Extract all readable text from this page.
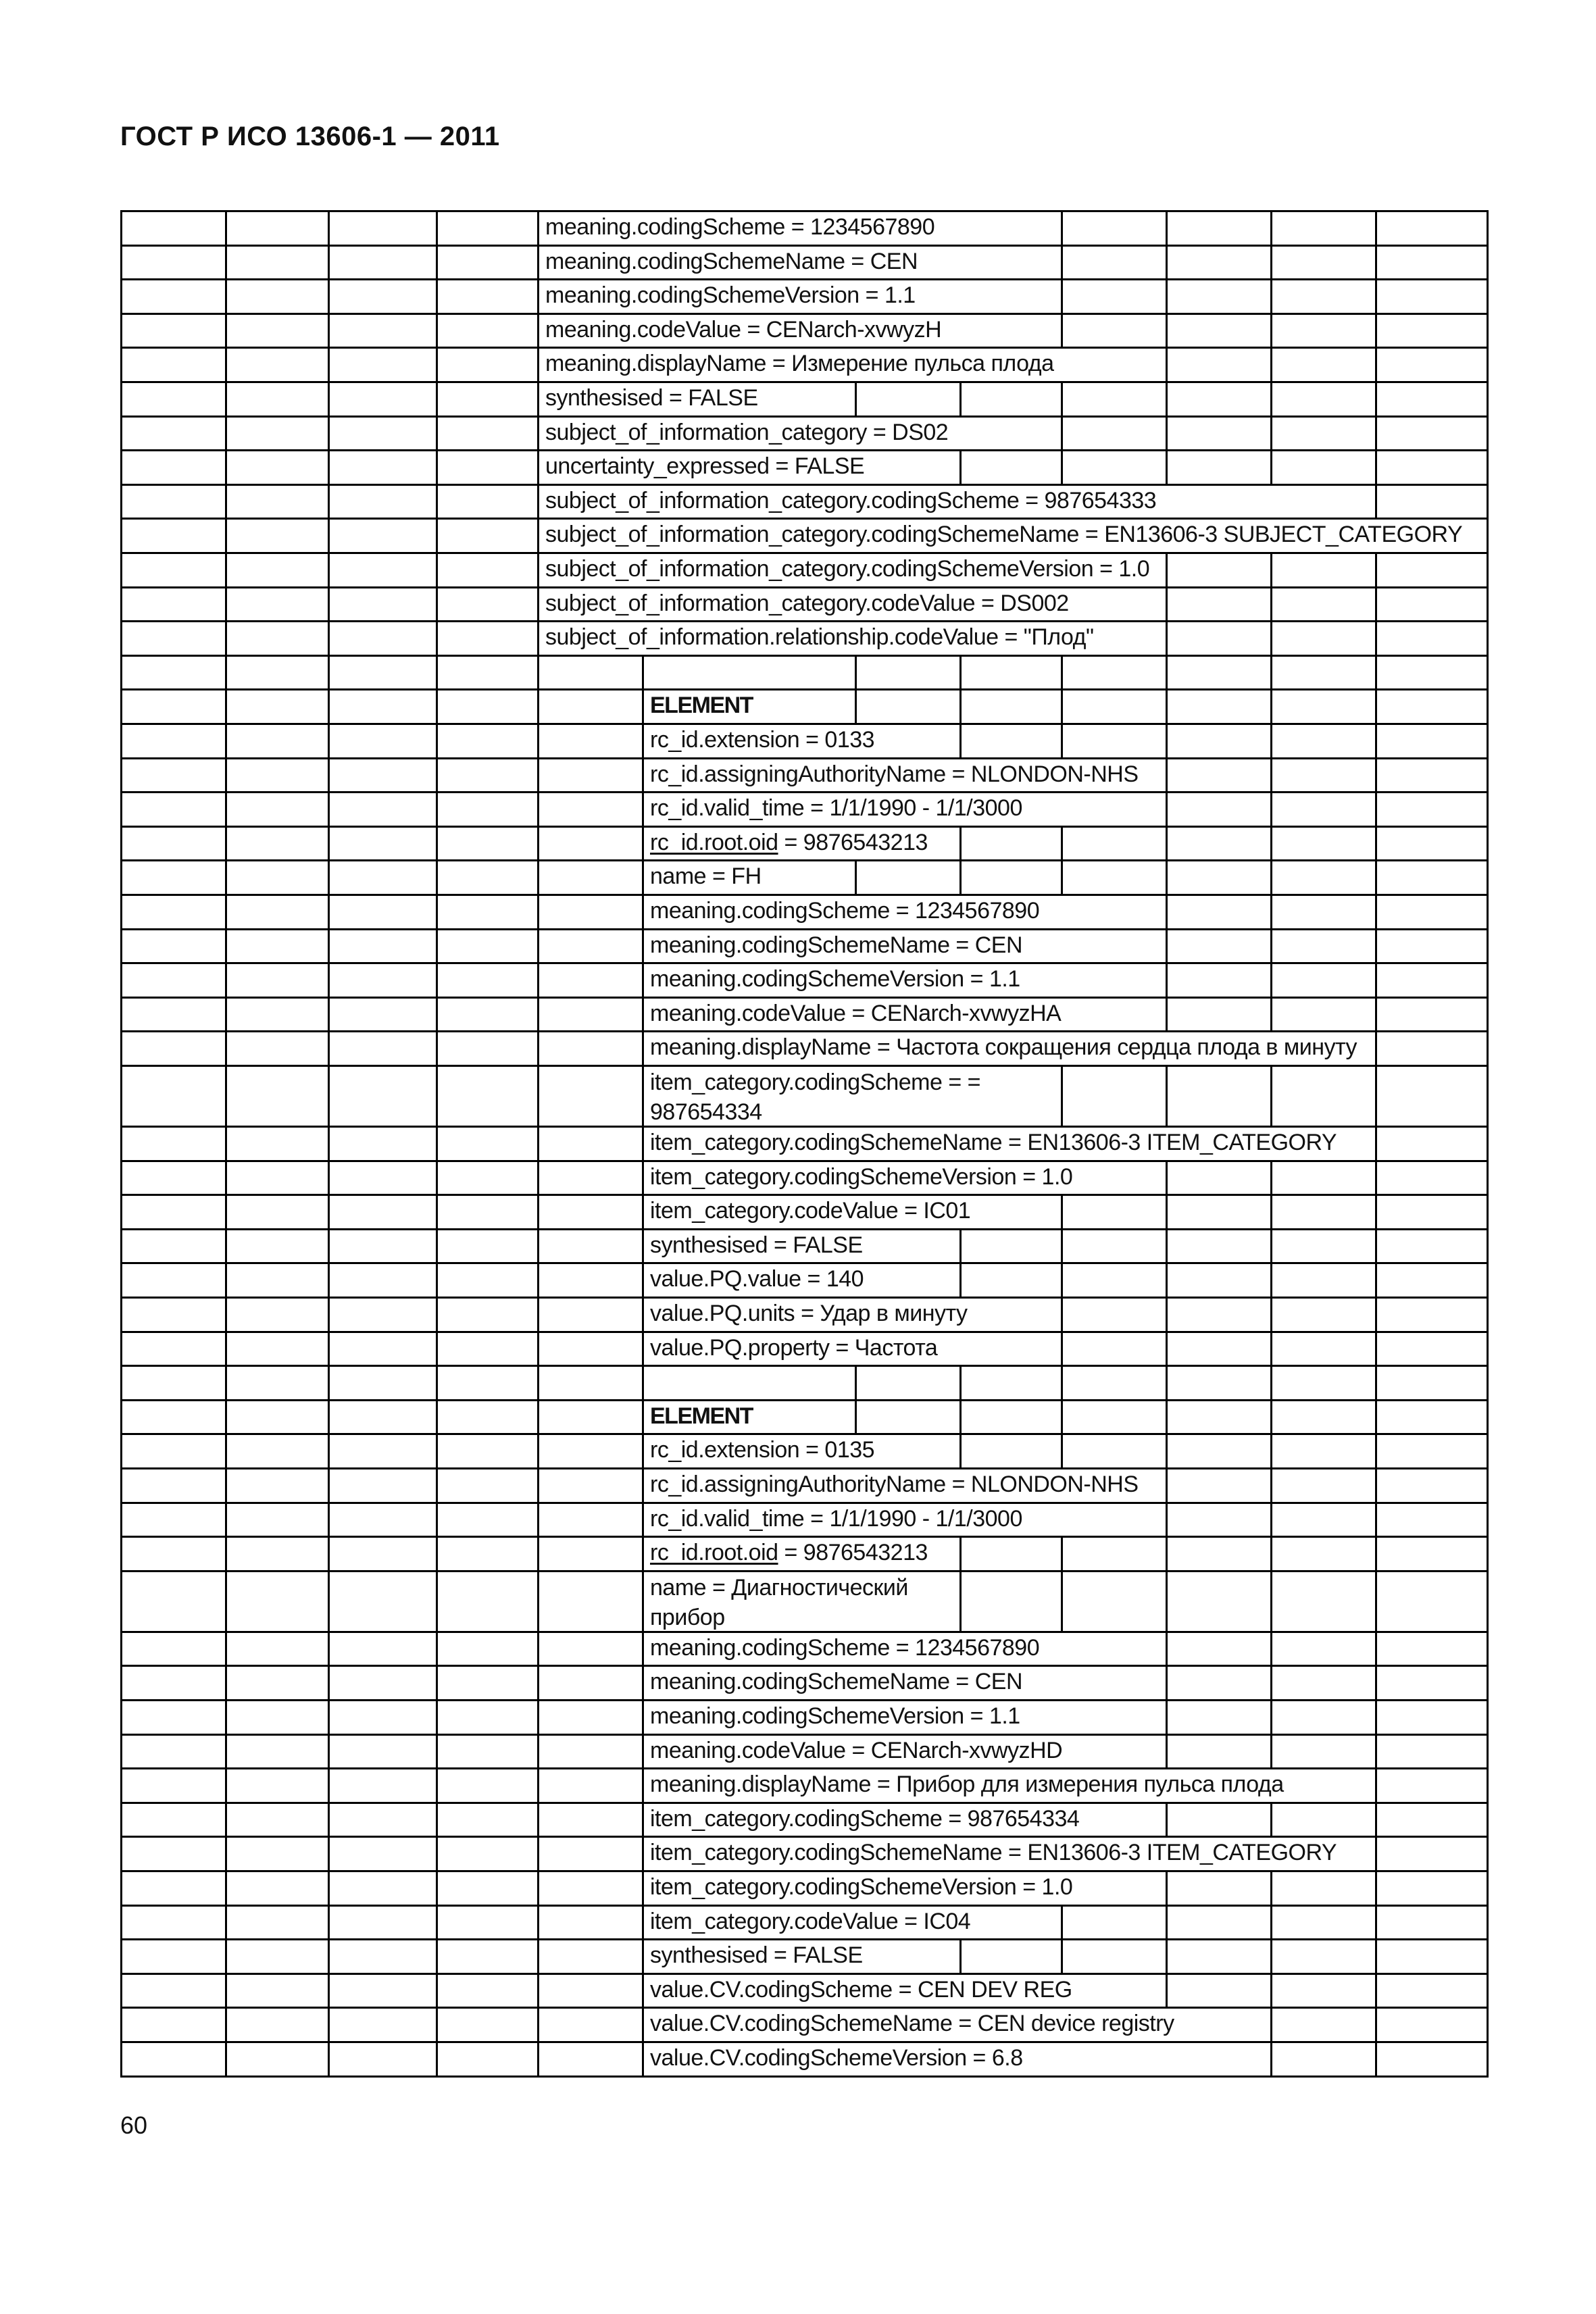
ГОСТ Р ИСО 13606-1 — 2011
meaning.codingScheme = 1234567890
meaning.codingSchemeName = CEN
meaning.codingSchemeVersion = 1.1
meaning.codeValue = CENarch-xvwyzH
meaning.displayName = Измерение пульса плода
synthesised = FALSE
subject_of_information_category = DS02
uncertainty_expressed = FALSE
subject_of_information_category.codingScheme = 987654333
subject_of_information_category.codingSchemeName = EN13606-3 SUBJECT_CATEGORY
subject_of_information_category.codingSchemeVersion = 1.0
subject_of_information_category.codeValue = DS002
subject_of_information.relationship.codeValue = "Плод"
ELEMENT
rc_id.extension = 0133
rc_id.assigningAuthorityName = NLONDON-NHS
rc_id.valid_time = 1/1/1990 - 1/1/3000
rc_id.root.oid = 9876543213
name = FH
meaning.codingScheme = 1234567890
meaning.codingSchemeName = CEN
meaning.codingSchemeVersion = 1.1
meaning.codeValue = CENarch-xvwyzHA
meaning.displayName = Частота сокращения сердца плода в минуту
item_category.codingScheme = = 987654334
item_category.codingSchemeName = EN13606-3 ITEM_CATEGORY
item_category.codingSchemeVersion = 1.0
item_category.codeValue = IC01
synthesised = FALSE
value.PQ.value = 140
value.PQ.units = Удар в минуту
value.PQ.property = Частота
ELEMENT
rc_id.extension = 0135
rc_id.assigningAuthorityName = NLONDON-NHS
rc_id.valid_time = 1/1/1990 - 1/1/3000
rc_id.root.oid = 9876543213
name = Диагностический прибор
meaning.codingScheme = 1234567890
meaning.codingSchemeName = CEN
meaning.codingSchemeVersion = 1.1
meaning.codeValue = CENarch-xvwyzHD
meaning.displayName = Прибор для измерения пульса плода
item_category.codingScheme = 987654334
item_category.codingSchemeName = EN13606-3 ITEM_CATEGORY
item_category.codingSchemeVersion = 1.0
item_category.codeValue = IC04
synthesised = FALSE
value.CV.codingScheme = CEN DEV REG
value.CV.codingSchemeName = CEN device registry
value.CV.codingSchemeVersion = 6.8
60
